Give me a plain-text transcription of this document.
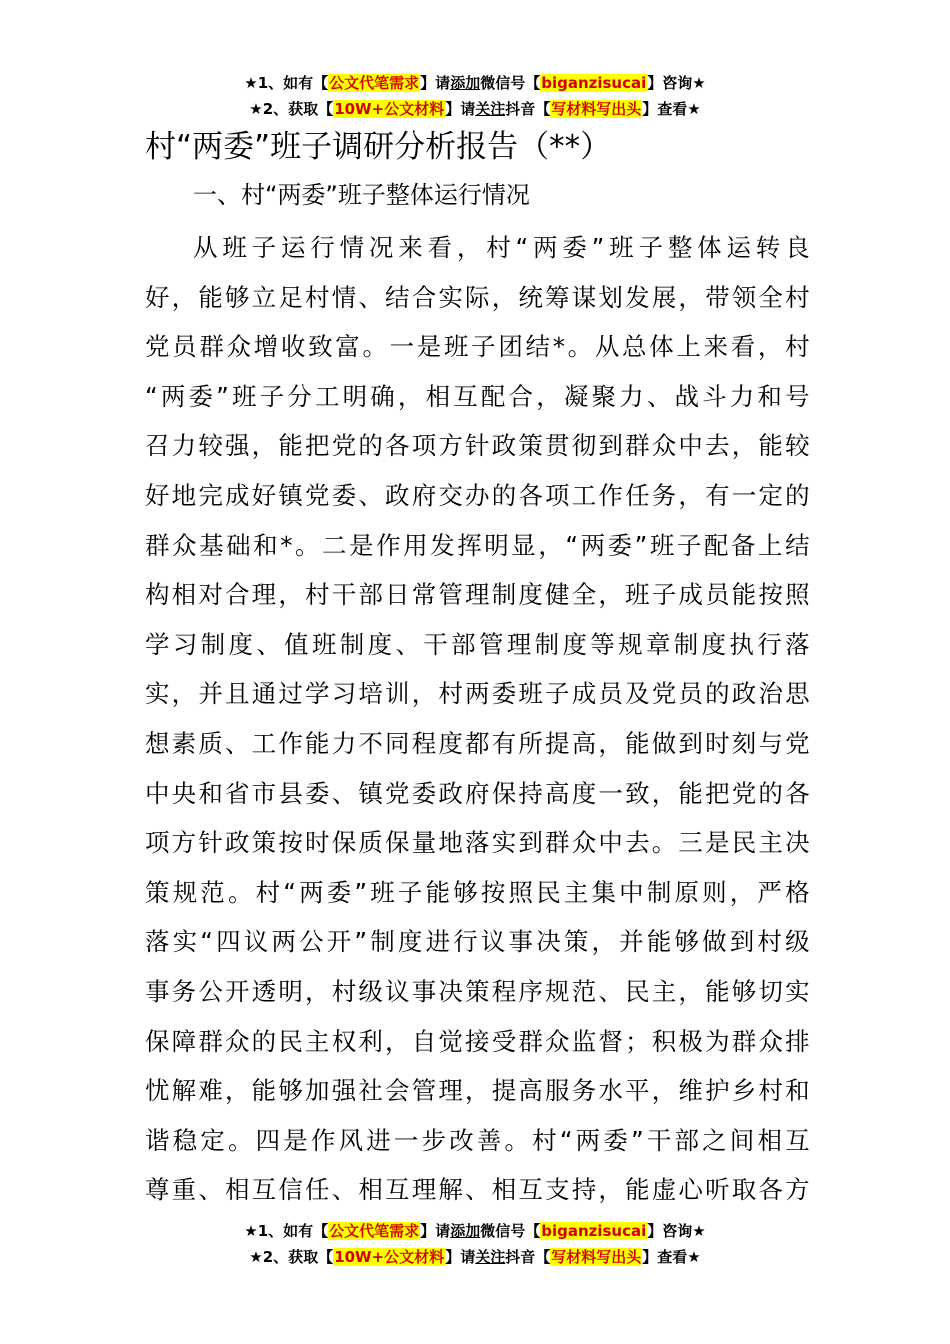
★1、如有【公文代笔需求】请添加微信号【biganzisucai】咨询★
★2、获取【10W+公文材料】请关注抖音【写材料写出头】查看★
村“两委”班子调研分析报告（**）
一、村“两委”班子整体运行情况
从班子运行情况来看，村“两委”班子整体运转良
好，能够立足村情、结合实际，统筹谋划发展，带领全村
党员群众增收致富。一是班子团结*。从总体上来看，村
“两委”班子分工明确，相互配合，凝聚力、战斗力和号
召力较强，能把党的各项方针政策贯彻到群众中去，能较
好地完成好镇党委、政府交办的各项工作任务，有一定的
群众基础和*。二是作用发挥明显，“两委”班子配备上结
构相对合理，村干部日常管理制度健全，班子成员能按照
学习制度、值班制度、干部管理制度等规章制度执行落
实，并且通过学习培训，村两委班子成员及党员的政治思
想素质、工作能力不同程度都有所提高，能做到时刻与党
中央和省市县委、镇党委政府保持高度一致，能把党的各
项方针政策按时保质保量地落实到群众中去。三是民主决
策规范。村“两委”班子能够按照民主集中制原则，严格
落实“四议两公开”制度进行议事决策，并能够做到村级
事务公开透明，村级议事决策程序规范、民主，能够切实
保障群众的民主权利，自觉接受群众监督；积极为群众排
忧解难，能够加强社会管理，提高服务水平，维护乡村和
谐稳定。四是作风进一步改善。村“两委”干部之间相互
尊重、相互信任、相互理解、相互支持，能虚心听取各方
★1、如有【公文代笔需求】请添加微信号【biganzisucai】咨询★
★2、获取【10W+公文材料】请关注抖音【写材料写出头】查看★
